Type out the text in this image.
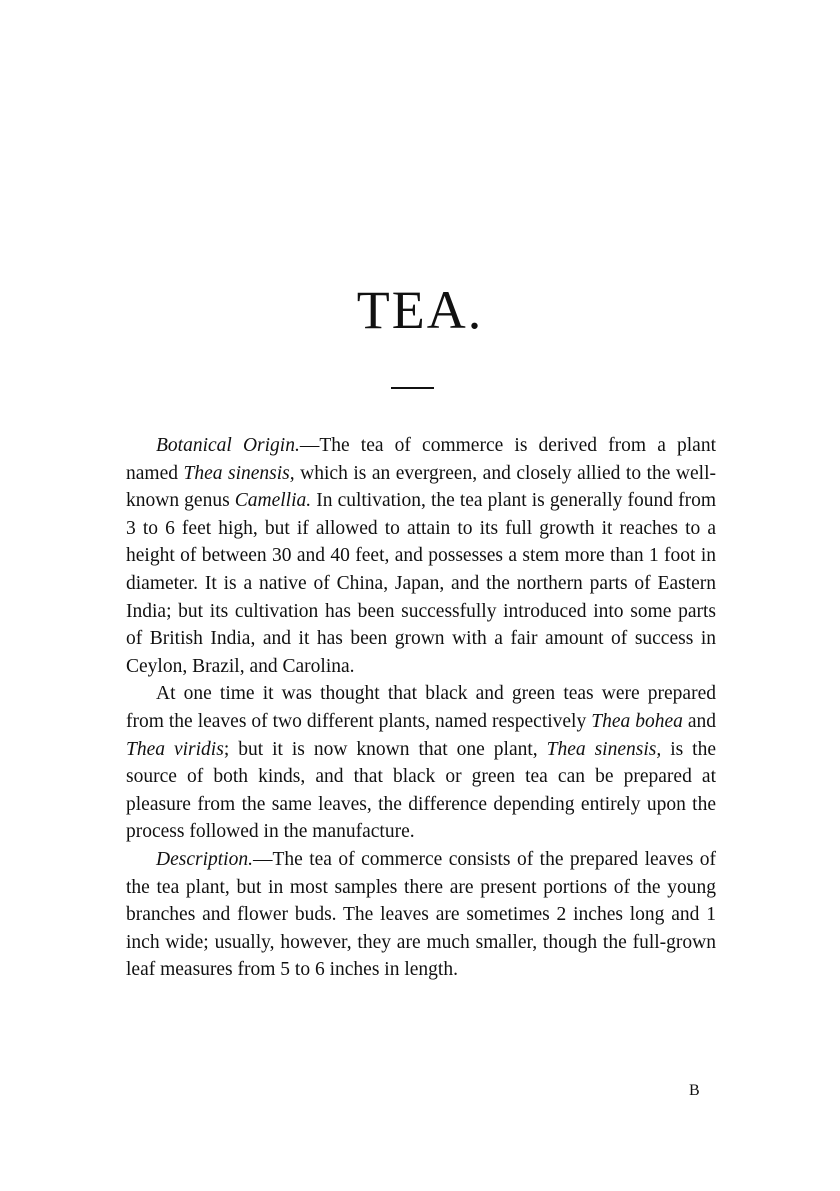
TEA.

Botanical Origin.—The tea of commerce is derived from a plant named Thea sinensis, which is an evergreen, and closely allied to the well-known genus Camellia. In cultivation, the tea plant is generally found from 3 to 6 feet high, but if allowed to attain to its full growth it reaches to a height of between 30 and 40 feet, and possesses a stem more than 1 foot in diameter. It is a native of China, Japan, and the northern parts of Eastern India; but its cultivation has been successfully introduced into some parts of British India, and it has been grown with a fair amount of success in Ceylon, Brazil, and Carolina.

At one time it was thought that black and green teas were prepared from the leaves of two different plants, named respectively Thea bohea and Thea viridis; but it is now known that one plant, Thea sinensis, is the source of both kinds, and that black or green tea can be prepared at pleasure from the same leaves, the difference depending entirely upon the process followed in the manufacture.

Description.—The tea of commerce consists of the prepared leaves of the tea plant, but in most samples there are present portions of the young branches and flower buds. The leaves are sometimes 2 inches long and 1 inch wide; usually, however, they are much smaller, though the full-grown leaf measures from 5 to 6 inches in length.

B
